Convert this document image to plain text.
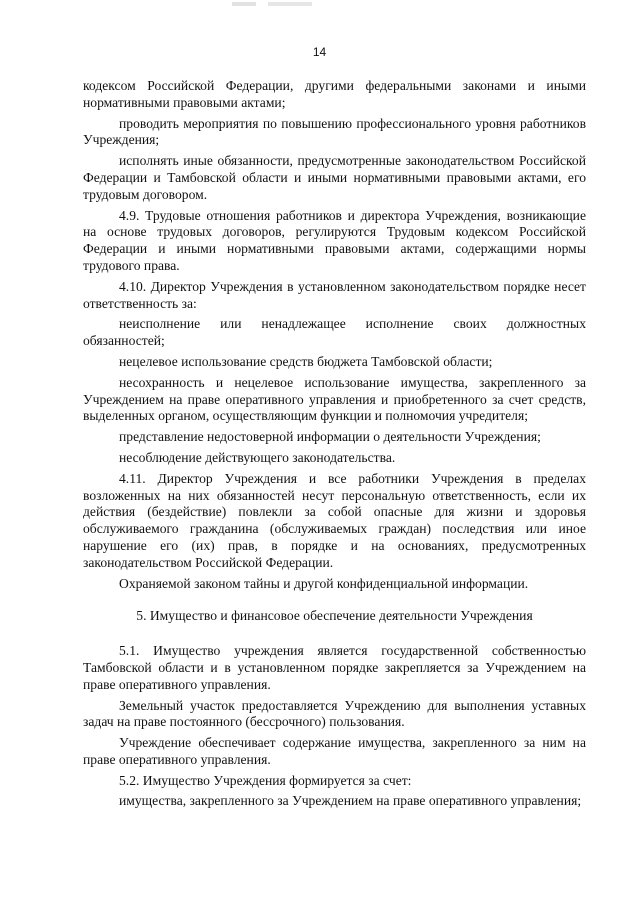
14

кодексом Российской Федерации, другими федеральными законами и иными нормативными правовыми актами;

проводить мероприятия по повышению профессионального уровня работников Учреждения;

исполнять иные обязанности, предусмотренные законодательством Российской Федерации и Тамбовской области и иными нормативными правовыми актами, его трудовым договором.

4.9. Трудовые отношения работников и директора Учреждения, возникающие на основе трудовых договоров, регулируются Трудовым кодексом Российской Федерации и иными нормативными правовыми актами, содержащими нормы трудового права.

4.10. Директор Учреждения в установленном законодательством порядке несет ответственность за:

неисполнение или ненадлежащее исполнение своих должностных обязанностей;

нецелевое использование средств бюджета Тамбовской области;

несохранность и нецелевое использование имущества, закрепленного за Учреждением на праве оперативного управления и приобретенного за счет средств, выделенных органом, осуществляющим функции и полномочия учредителя;

представление недостоверной информации о деятельности Учреждения;

несоблюдение действующего законодательства.

4.11. Директор Учреждения и все работники Учреждения в пределах возложенных на них обязанностей несут персональную ответственность, если их действия (бездействие) повлекли за собой опасные для жизни и здоровья обслуживаемого гражданина (обслуживаемых граждан) последствия или иное нарушение его (их) прав, в порядке и на основаниях, предусмотренных законодательством Российской Федерации.

Охраняемой законом тайны и другой конфиденциальной информации.

5. Имущество и финансовое обеспечение деятельности Учреждения

5.1. Имущество учреждения является государственной собственностью Тамбовской области и в установленном порядке закрепляется за Учреждением на праве оперативного управления.

Земельный участок предоставляется Учреждению для выполнения уставных задач на праве постоянного (бессрочного) пользования.

Учреждение обеспечивает содержание имущества, закрепленного за ним на праве оперативного управления.

5.2. Имущество Учреждения формируется за счет:

имущества, закрепленного за Учреждением на праве оперативного управления;
